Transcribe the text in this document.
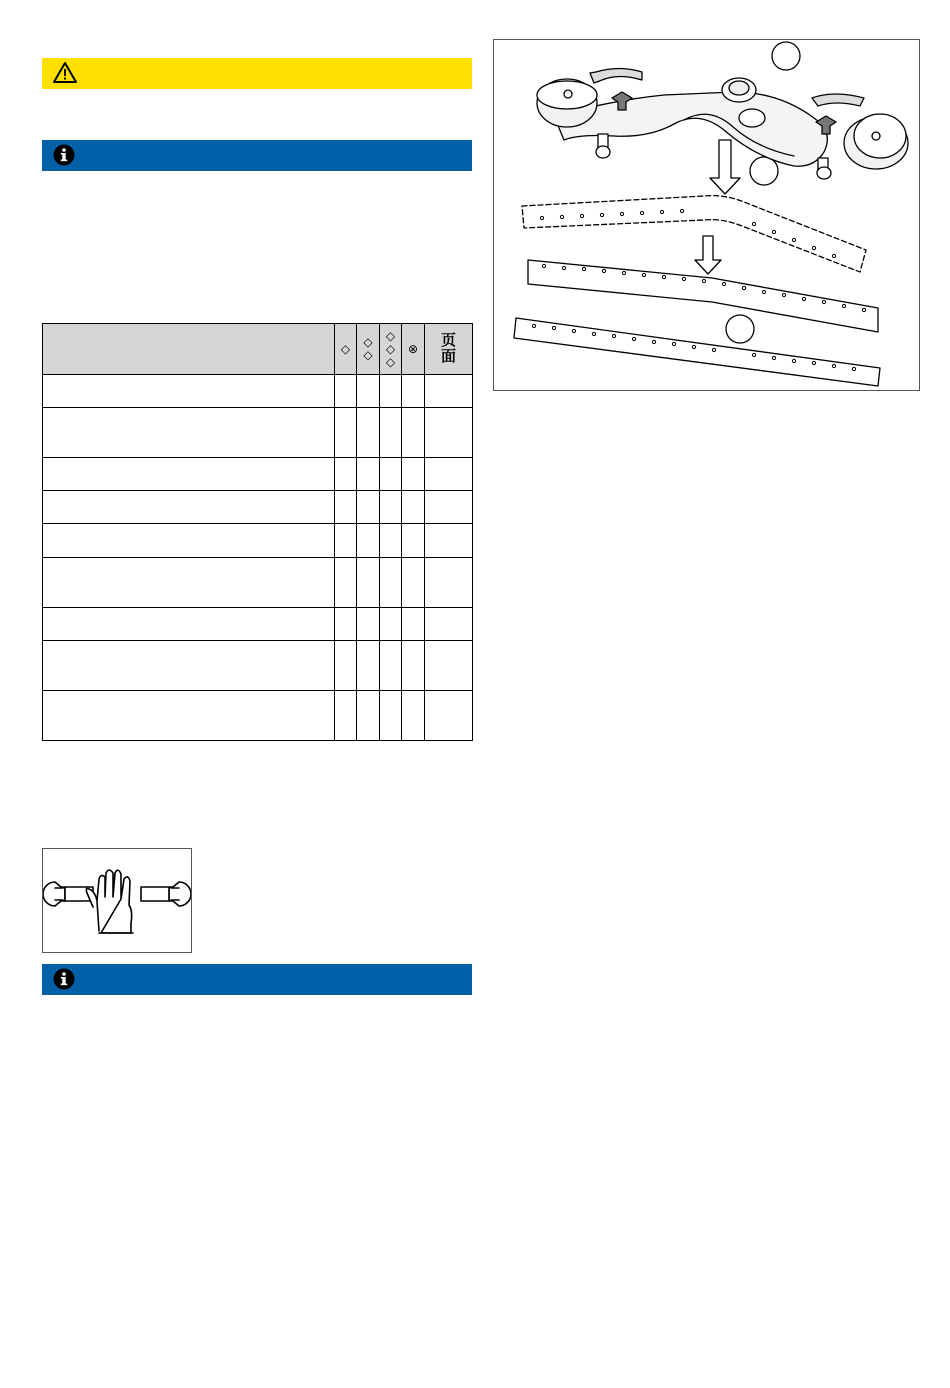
	◇	◇◇	◇◇◇	⊗	页面
